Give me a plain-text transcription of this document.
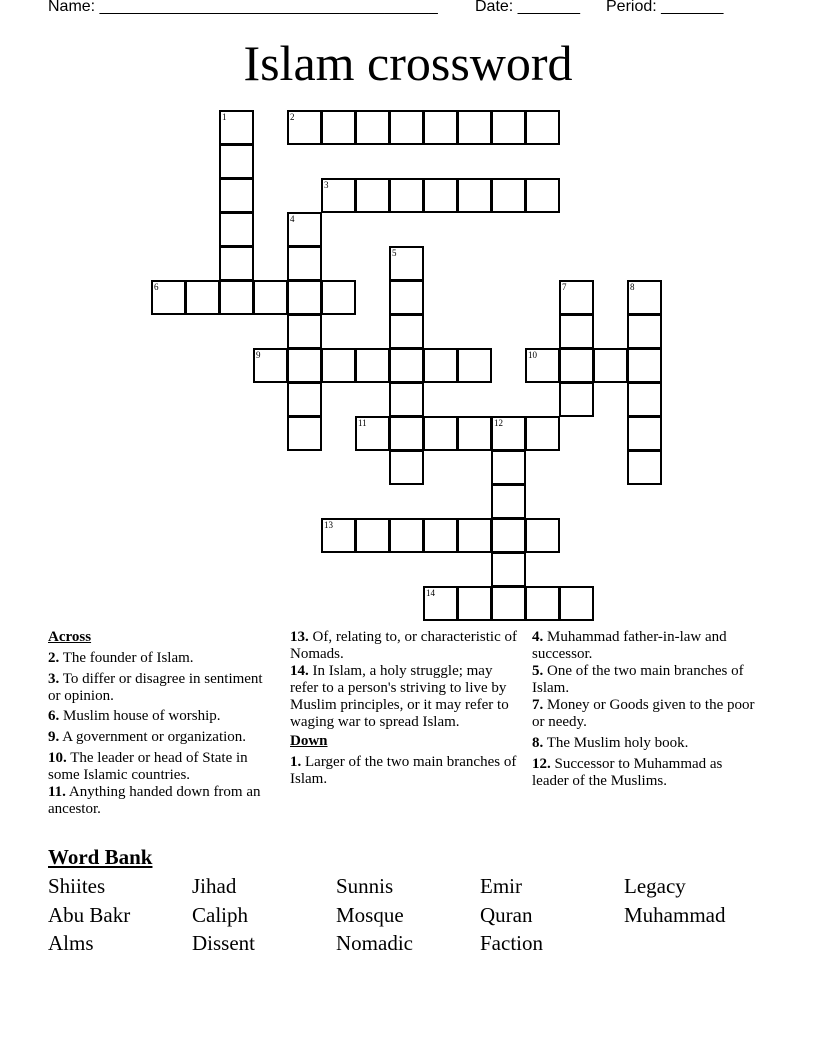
Name: ______________________________________ Date: _______ Period: _______
Islam crossword
1	2
3
4
5
6	7	8
9	10
11	12
13
14
Across
2. The founder of Islam.
3. To differ or disagree in sentiment or opinion.
6. Muslim house of worship.
9. A government or organization.
10. The leader or head of State in some Islamic countries.
11. Anything handed down from an ancestor.
13. Of, relating to, or characteristic of Nomads.
14. In Islam, a holy struggle; may refer to a person's striving to live by Muslim principles, or it may refer to waging war to spread Islam.
Down
1. Larger of the two main branches of Islam.
4. Muhammad father-in-law and successor.
5. One of the two main branches of Islam.
7. Money or Goods given to the poor or needy.
8. The Muslim holy book.
12. Successor to Muhammad as leader of the Muslims.
Word Bank
Shiites	Jihad	Sunnis	Emir	Legacy
Abu Bakr	Caliph	Mosque	Quran	Muhammad
Alms	Dissent	Nomadic	Faction
